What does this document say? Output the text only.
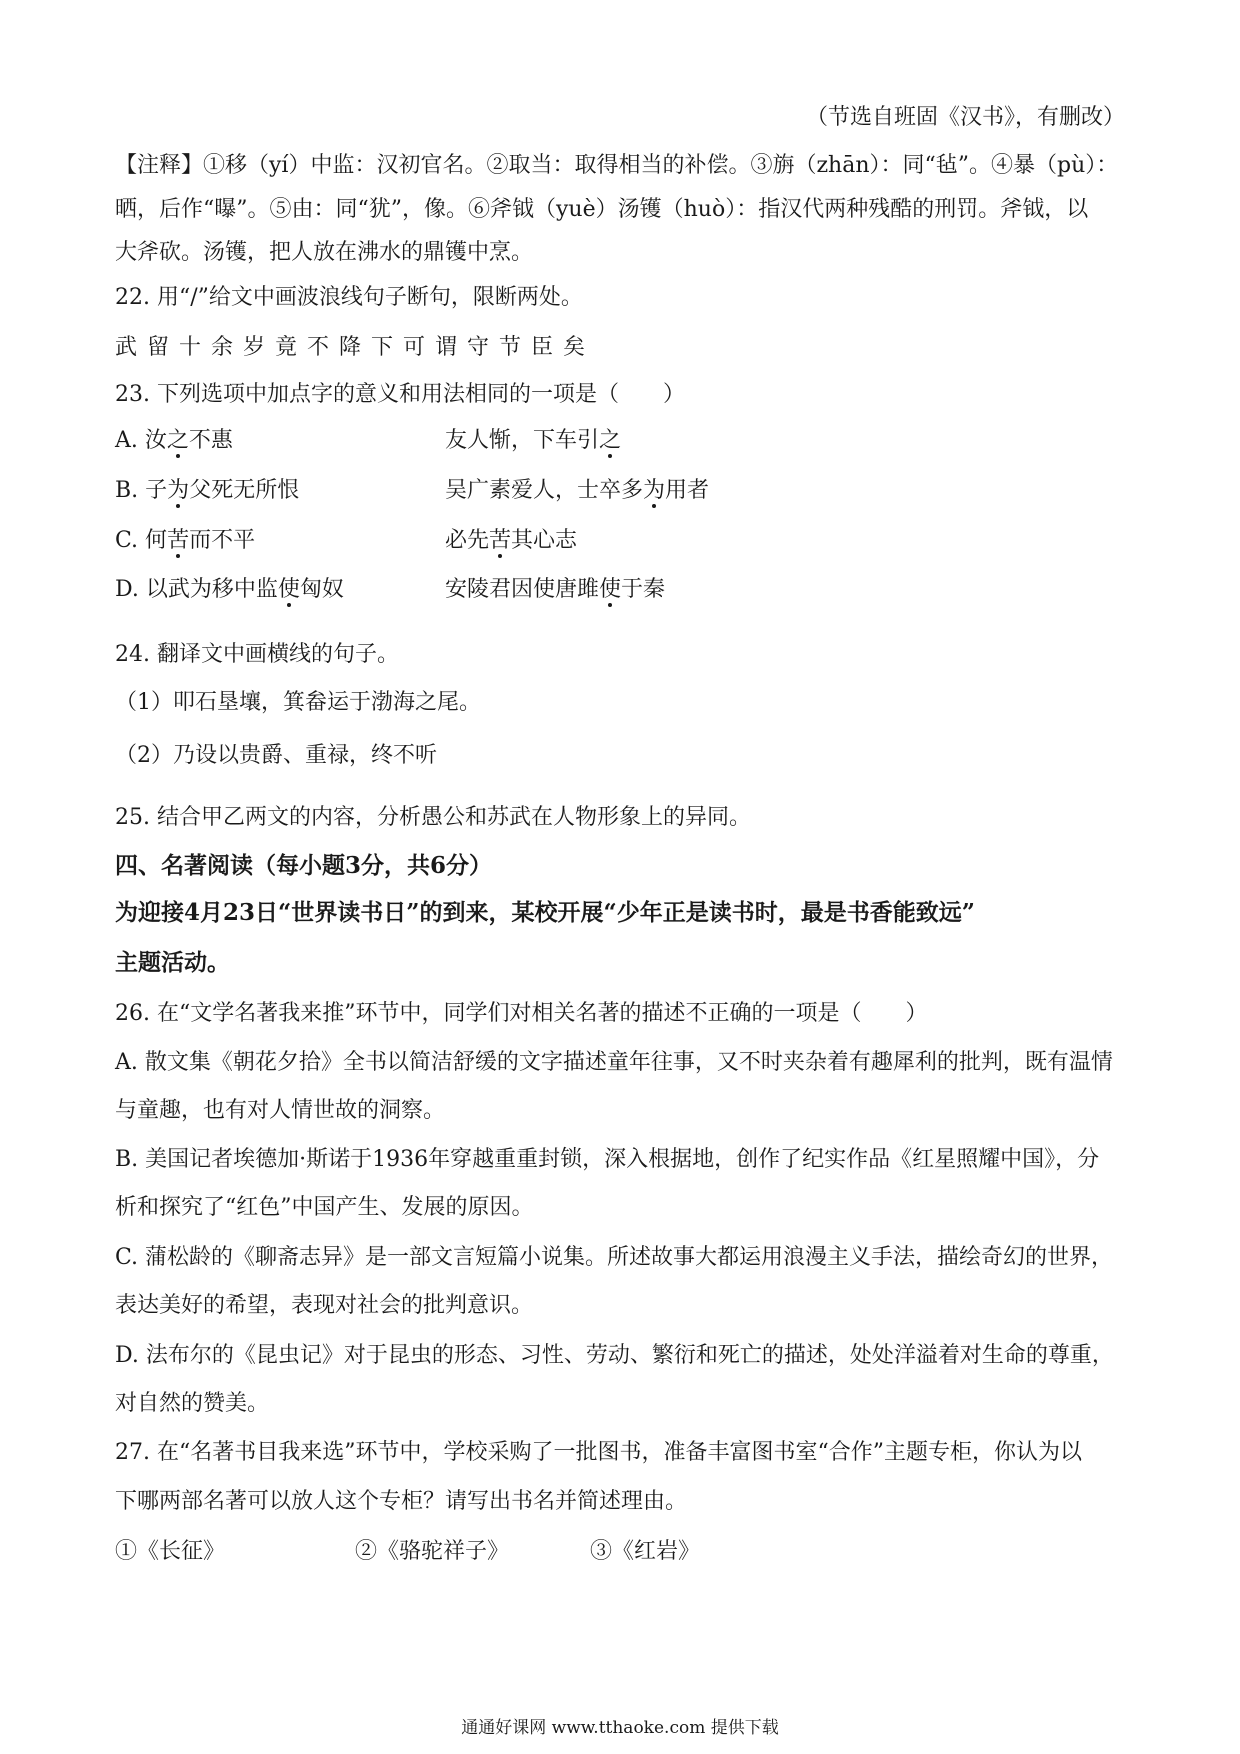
（节选自班固《汉书》，有删改）
【注释】①移（yí）中监：汉初官名。②取当：取得相当的补偿。③旃（zhān）：同“毡”。④暴（pù）：
晒，后作“曝”。⑤由：同“犹”，像。⑥斧钺（yuè）汤镬（huò）：指汉代两种残酷的刑罚。斧钺，以
大斧砍。汤镬，把人放在沸水的鼎镬中烹。
22. 用“/”给文中画波浪线句子断句，限断两处。
武留十余岁竟不降下可谓守节臣矣
23. 下列选项中加点字的意义和用法相同的一项是（　　）
A. 汝之不惠	友人惭，下车引之
B. 子为父死无所恨	吴广素爱人，士卒多为用者
C. 何苦而不平	必先苦其心志
D. 以武为移中监使匈奴	安陵君因使唐雎使于秦
24. 翻译文中画横线的句子。
（1）叩石垦壤，箕畚运于渤海之尾。
（2）乃设以贵爵、重禄，终不听
25. 结合甲乙两文的内容，分析愚公和苏武在人物形象上的异同。
四、名著阅读（每小题3分，共6分）
为迎接4月23日“世界读书日”的到来，某校开展“少年正是读书时，最是书香能致远”
主题活动。
26. 在“文学名著我来推”环节中，同学们对相关名著的描述不正确的一项是（　　）
A. 散文集《朝花夕拾》全书以简洁舒缓的文字描述童年往事，又不时夹杂着有趣犀利的批判，既有温情
与童趣，也有对人情世故的洞察。
B. 美国记者埃德加·斯诺于1936年穿越重重封锁，深入根据地，创作了纪实作品《红星照耀中国》，分
析和探究了“红色”中国产生、发展的原因。
C. 蒲松龄的《聊斋志异》是一部文言短篇小说集。所述故事大都运用浪漫主义手法，描绘奇幻的世界，
表达美好的希望，表现对社会的批判意识。
D. 法布尔的《昆虫记》对于昆虫的形态、习性、劳动、繁衍和死亡的描述，处处洋溢着对生命的尊重，
对自然的赞美。
27. 在“名著书目我来选”环节中，学校采购了一批图书，准备丰富图书室“合作”主题专柜，你认为以
下哪两部名著可以放人这个专柜？请写出书名并简述理由。
①《长征》	②《骆驼祥子》	③《红岩》
通通好课网 www.tthaoke.com 提供下载
